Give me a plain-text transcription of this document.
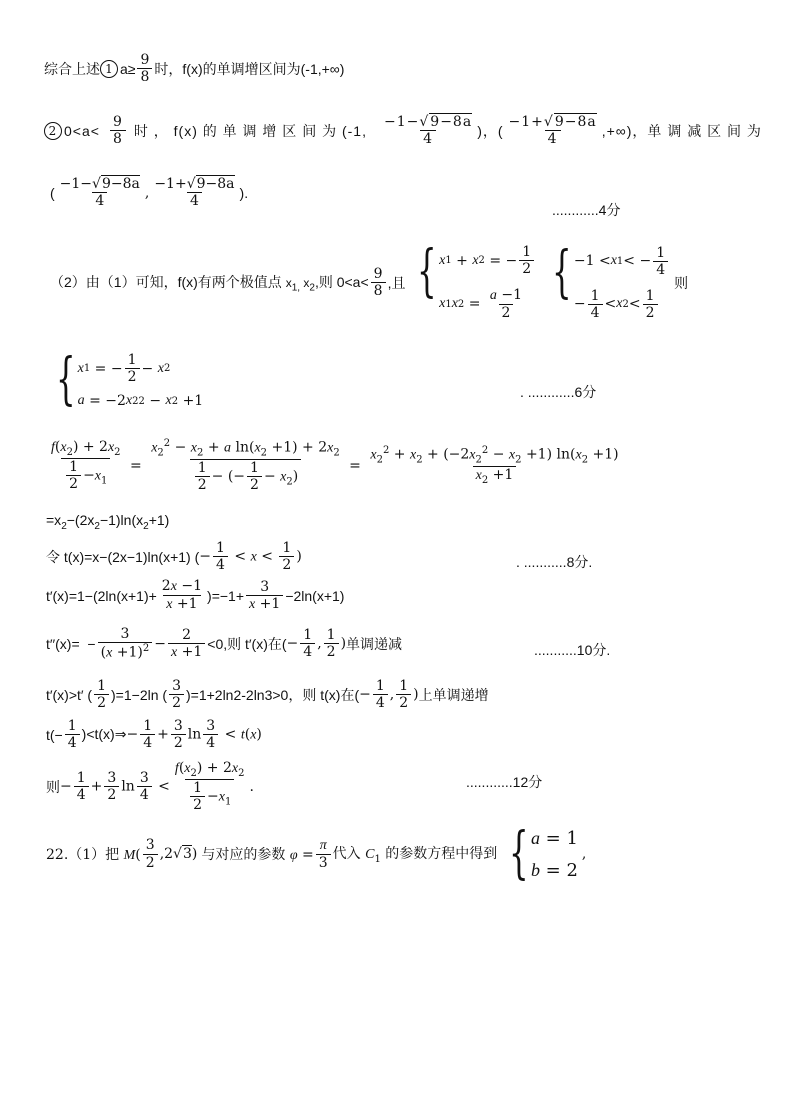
综合上述 1 $a\ge \frac{9}{8}$ 时，f(x)的单调增区间为(-1,+∞)
2 0<a<
9
8
时 ， f(x) 的 单 调 增 区 间 为 (-1,
−1−√9−8a
4
)，(
−1+√9−8a
4
,+∞)，单 调 减 区 间 为
(
−1−√9−8a
4
,
−1+√9−8a
4
).
............4分
（2）由（1）可知，f(x)有两个极值点 $x_{1,}$ $x_2$,则 0<a< 9
8
,且 { x 1 + x 2 = −
1
2
x 1 x 2 =
a −1
2
{ −1 < x 1 < −
1
4
−
1
4
< x 2 <
1
2
则
{ x 1 = −
1
2
− x 2
a = −2 x 2 2 − x 2 +1
. ............6分
$\frac{f(x_2) + 2x_2}{\frac{1}{2} -x_1} = \frac{x_2^2 - x_2 + a \ln(x_2 +1) + 2x_2}{\frac{1}{2} - (- \frac{1}{2} - x_2)} = \frac{x_2^2 + x_2 + (-2x_2^2 - x_2 +1) \ln(x_2 +1)}{x_2 +1}$
$=x_2-(2x_2-1)\ln(x_2+1)$
令 t(x)=x−(2x−1)ln(x+1) ( − $\frac{1}{4} < x < \frac{1}{2}$ )	. ...........8分.
$t'(x)=1-(2\ln(x+1)+ \frac{2x -1}{x +1} )=-1+ \frac{3}{x +1} -2\ln(x+1)$
$t''(x)= - \frac{3}{(x +1)^2} - \frac{2}{x +1} <0$,则 t′(x)在( − $\frac{1}{4}$ , $\frac{1}{2}$ ) 单调递减	...........10分.
t′(x)>t′ (
1
2
)=1−2ln (
3
2
)=1+2ln2-2ln3>0，则 t(x)在( − $\frac{1}{4}$ , $\frac{1}{2}$ ) 上单调递增
$t(- \frac{1}{4}$ )<t(x)⇒ − $\frac{1}{4} + \frac{3}{2}$ $\ln \frac{3}{4} < t(x)$
则 − $\frac{1}{4} + \frac{3}{2}$ $\ln \frac{3}{4}$ <
$f(x_2) + 2x_2$
$\frac{1}{2} -x_1$
.	............12分
22.（1）把 M(
3
2
,2√3) 与对应的参数 $\varphi = \frac{\pi}{3}$ 代入 $C_1$ 的参数方程中得到 { a = 1
b = 2
,
